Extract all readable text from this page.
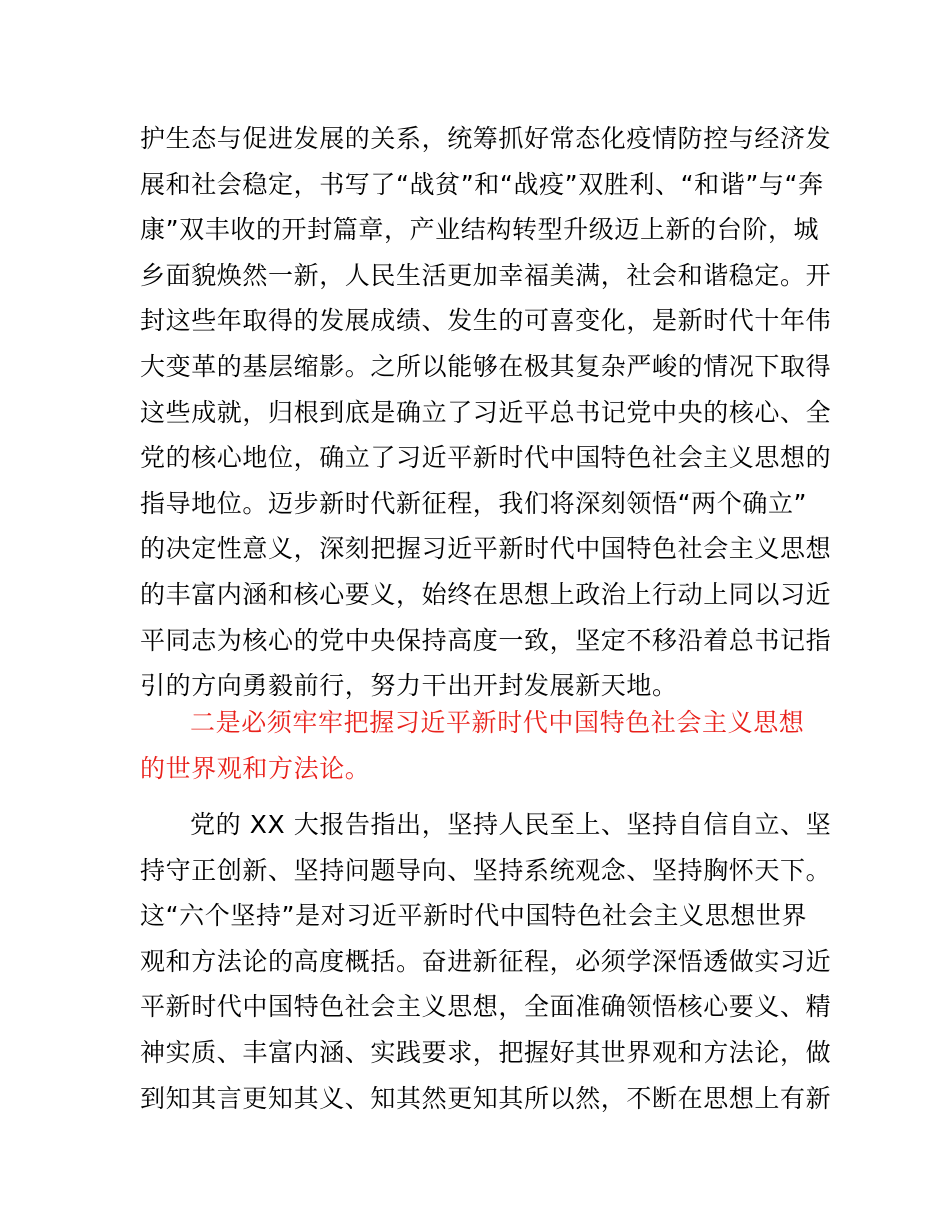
护生态与促进发展的关系，统筹抓好常态化疫情防控与经济发
展和社会稳定，书写了“战贫”和“战疫”双胜利、“和谐”与“奔
康”双丰收的开封篇章，产业结构转型升级迈上新的台阶，城
乡面貌焕然一新，人民生活更加幸福美满，社会和谐稳定。开
封这些年取得的发展成绩、发生的可喜变化，是新时代十年伟
大变革的基层缩影。之所以能够在极其复杂严峻的情况下取得
这些成就，归根到底是确立了习近平总书记党中央的核心、全
党的核心地位，确立了习近平新时代中国特色社会主义思想的
指导地位。迈步新时代新征程，我们将深刻领悟“两个确立”
的决定性意义，深刻把握习近平新时代中国特色社会主义思想
的丰富内涵和核心要义，始终在思想上政治上行动上同以习近
平同志为核心的党中央保持高度一致，坚定不移沿着总书记指
引的方向勇毅前行，努力干出开封发展新天地。
二是必须牢牢把握习近平新时代中国特色社会主义思想
的世界观和方法论。
党的 XX 大报告指出，坚持人民至上、坚持自信自立、坚
持守正创新、坚持问题导向、坚持系统观念、坚持胸怀天下。
这“六个坚持”是对习近平新时代中国特色社会主义思想世界
观和方法论的高度概括。奋进新征程，必须学深悟透做实习近
平新时代中国特色社会主义思想，全面准确领悟核心要义、精
神实质、丰富内涵、实践要求，把握好其世界观和方法论，做
到知其言更知其义、知其然更知其所以然，不断在思想上有新
